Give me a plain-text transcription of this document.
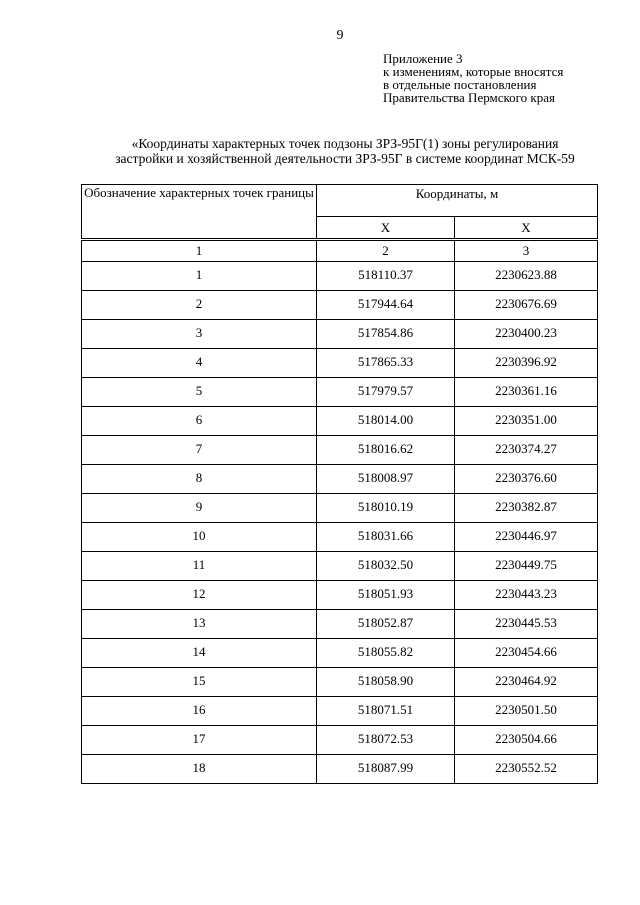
9
Приложение 3
к изменениям, которые вносятся
в отдельные постановления
Правительства Пермского края
«Координаты характерных точек подзоны ЗРЗ-95Г(1) зоны регулирования
застройки и хозяйственной деятельности ЗРЗ-95Г в системе координат МСК-59
Обозначение характерных точек границы	Координаты, м	
	X	X
1	2	3
1	518110.37	2230623.88
2	517944.64	2230676.69
3	517854.86	2230400.23
4	517865.33	2230396.92
5	517979.57	2230361.16
6	518014.00	2230351.00
7	518016.62	2230374.27
8	518008.97	2230376.60
9	518010.19	2230382.87
10	518031.66	2230446.97
11	518032.50	2230449.75
12	518051.93	2230443.23
13	518052.87	2230445.53
14	518055.82	2230454.66
15	518058.90	2230464.92
16	518071.51	2230501.50
17	518072.53	2230504.66
18	518087.99	2230552.52
